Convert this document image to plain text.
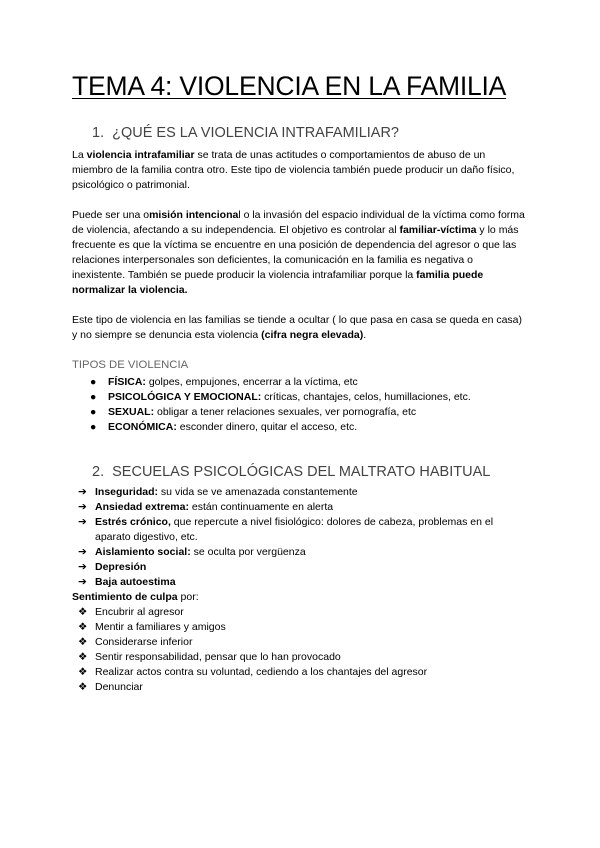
TEMA 4: VIOLENCIA EN LA FAMILIA
1. ¿QUÉ ES LA VIOLENCIA INTRAFAMILIAR?

La violencia intrafamiliar se trata de unas actitudes o comportamientos de abuso de un miembro de la familia contra otro. Este tipo de violencia también puede producir un daño físico, psicológico o patrimonial.

Puede ser una omisión intencional o la invasión del espacio individual de la víctima como forma de violencia, afectando a su independencia. El objetivo es controlar al familiar-víctima y lo más frecuente es que la víctima se encuentre en una posición de dependencia del agresor o que las relaciones interpersonales son deficientes, la comunicación en la familia es negativa o inexistente. También se puede producir la violencia intrafamiliar porque la familia puede normalizar la violencia.

Este tipo de violencia en las familias se tiende a ocultar ( lo que pasa en casa se queda en casa) y no siempre se denuncia esta violencia (cifra negra elevada).

TIPOS DE VIOLENCIA
● FÍSICA: golpes, empujones, encerrar a la víctima, etc
● PSICOLÓGICA Y EMOCIONAL: críticas, chantajes, celos, humillaciones, etc.
● SEXUAL: obligar a tener relaciones sexuales, ver pornografía, etc
● ECONÓMICA: esconder dinero, quitar el acceso, etc.
2. SECUELAS PSICOLÓGICAS DEL MALTRATO HABITUAL
➔ Inseguridad: su vida se ve amenazada constantemente
➔ Ansiedad extrema: están continuamente en alerta
➔ Estrés crónico, que repercute a nivel fisiológico: dolores de cabeza, problemas en el aparato digestivo, etc.
➔ Aislamiento social: se oculta por vergüenza
➔ Depresión
➔ Baja autoestima

Sentimiento de culpa por:

❖ Encubrir al agresor
❖ Mentir a familiares y amigos
❖ Considerarse inferior
❖ Sentir responsabilidad, pensar que lo han provocado
❖ Realizar actos contra su voluntad, cediendo a los chantajes del agresor
❖ Denunciar
